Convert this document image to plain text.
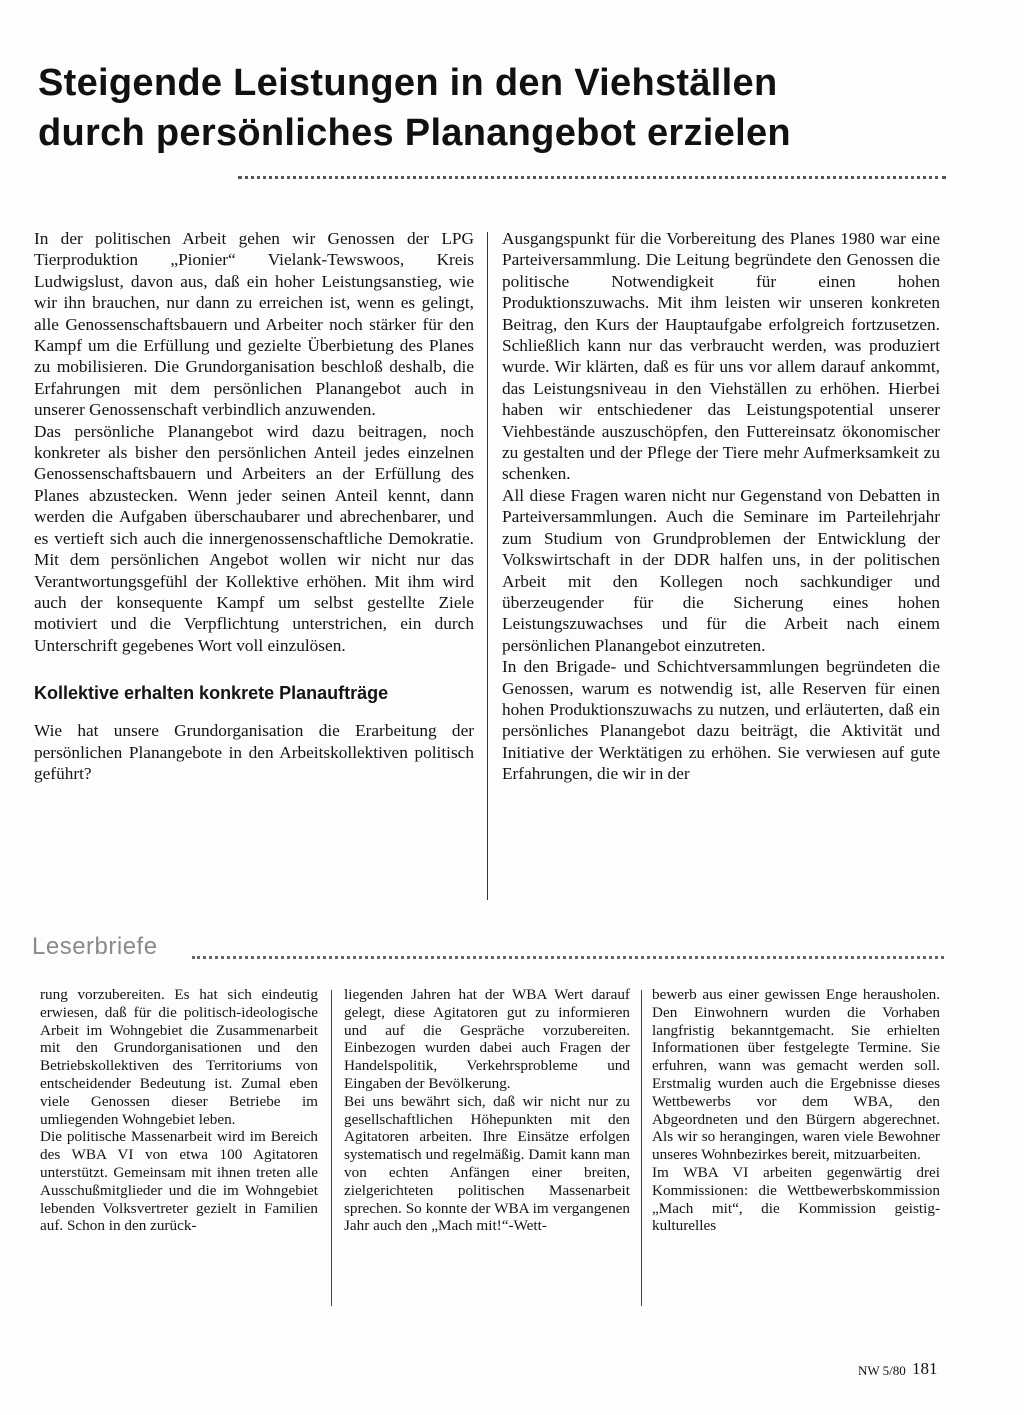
Steigende Leistungen in den Viehställen
durch persönliches Planangebot erzielen
In der politischen Arbeit gehen wir Genossen der LPG Tierproduktion „Pionier“ Vielank-Tewswoos, Kreis Ludwigslust, davon aus, daß ein hoher Leistungsanstieg, wie wir ihn brauchen, nur dann zu erreichen ist, wenn es gelingt, alle Genossenschaftsbauern und Arbeiter noch stärker für den Kampf um die Erfüllung und gezielte Überbietung des Planes zu mobilisieren. Die Grundorganisation beschloß deshalb, die Erfahrungen mit dem persönlichen Planangebot auch in unserer Genossenschaft verbindlich anzuwenden.
Das persönliche Planangebot wird dazu beitragen, noch konkreter als bisher den persönlichen Anteil jedes einzelnen Genossenschaftsbauern und Arbeiters an der Erfüllung des Planes abzustecken. Wenn jeder seinen Anteil kennt, dann werden die Aufgaben überschaubarer und abrechenbarer, und es vertieft sich auch die innergenossenschaftliche Demokratie. Mit dem persönlichen Angebot wollen wir nicht nur das Verantwortungsgefühl der Kollektive erhöhen. Mit ihm wird auch der konsequente Kampf um selbst gestellte Ziele motiviert und die Verpflichtung unterstrichen, ein durch Unterschrift gegebenes Wort voll einzulösen.
Kollektive erhalten konkrete Planaufträge
Wie hat unsere Grundorganisation die Erarbeitung der persönlichen Planangebote in den Arbeitskollektiven politisch geführt?
Ausgangspunkt für die Vorbereitung des Planes 1980 war eine Parteiversammlung. Die Leitung begründete den Genossen die politische Notwendigkeit für einen hohen Produktionszuwachs. Mit ihm leisten wir unseren konkreten Beitrag, den Kurs der Hauptaufgabe erfolgreich fortzusetzen. Schließlich kann nur das verbraucht werden, was produziert wurde. Wir klärten, daß es für uns vor allem darauf ankommt, das Leistungsniveau in den Viehställen zu erhöhen. Hierbei haben wir entschiedener das Leistungspotential unserer Viehbestände auszuschöpfen, den Futtereinsatz ökonomischer zu gestalten und der Pflege der Tiere mehr Aufmerksamkeit zu schenken.
All diese Fragen waren nicht nur Gegenstand von Debatten in Parteiversammlungen. Auch die Seminare im Parteilehrjahr zum Studium von Grundproblemen der Entwicklung der Volkswirtschaft in der DDR halfen uns, in der politischen Arbeit mit den Kollegen noch sachkundiger und überzeugender für die Sicherung eines hohen Leistungszuwachses und für die Arbeit nach einem persönlichen Planangebot einzutreten.
In den Brigade- und Schichtversammlungen begründeten die Genossen, warum es notwendig ist, alle Reserven für einen hohen Produktionszuwachs zu nutzen, und erläuterten, daß ein persönliches Planangebot dazu beiträgt, die Aktivität und Initiative der Werktätigen zu erhöhen. Sie verwiesen auf gute Erfahrungen, die wir in der
Leserbriefe
rung vorzubereiten. Es hat sich eindeutig erwiesen, daß für die politisch-ideologische Arbeit im Wohngebiet die Zusammenarbeit mit den Grundorganisationen und den Betriebskollektiven des Territoriums von entscheidender Bedeutung ist. Zumal eben viele Genossen dieser Betriebe im umliegenden Wohngebiet leben.
Die politische Massenarbeit wird im Bereich des WBA VI von etwa 100 Agitatoren unterstützt. Gemeinsam mit ihnen treten alle Ausschußmitglieder und die im Wohngebiet lebenden Volksvertreter gezielt in Familien auf. Schon in den zurück-
liegenden Jahren hat der WBA Wert darauf gelegt, diese Agitatoren gut zu informieren und auf die Gespräche vorzubereiten. Einbezogen wurden dabei auch Fragen der Handelspolitik, Verkehrsprobleme und Eingaben der Bevölkerung.
Bei uns bewährt sich, daß wir nicht nur zu gesellschaftlichen Höhepunkten mit den Agitatoren arbeiten. Ihre Einsätze erfolgen systematisch und regelmäßig. Damit kann man von echten Anfängen einer breiten, zielgerichteten politischen Massenarbeit sprechen. So konnte der WBA im vergangenen Jahr auch den „Mach mit!“-Wett-
bewerb aus einer gewissen Enge herausholen. Den Einwohnern wurden die Vorhaben langfristig bekanntgemacht. Sie erhielten Informationen über festgelegte Termine. Sie erfuhren, wann was gemacht werden soll. Erstmalig wurden auch die Ergebnisse dieses Wettbewerbs vor dem WBA, den Abgeordneten und den Bürgern abgerechnet. Als wir so herangingen, waren viele Bewohner unseres Wohnbezirkes bereit, mitzuarbeiten.
Im WBA VI arbeiten gegenwärtig drei Kommissionen: die Wettbewerbskommission „Mach mit“, die Kommission geistig-kulturelles
NW 5/80 181
